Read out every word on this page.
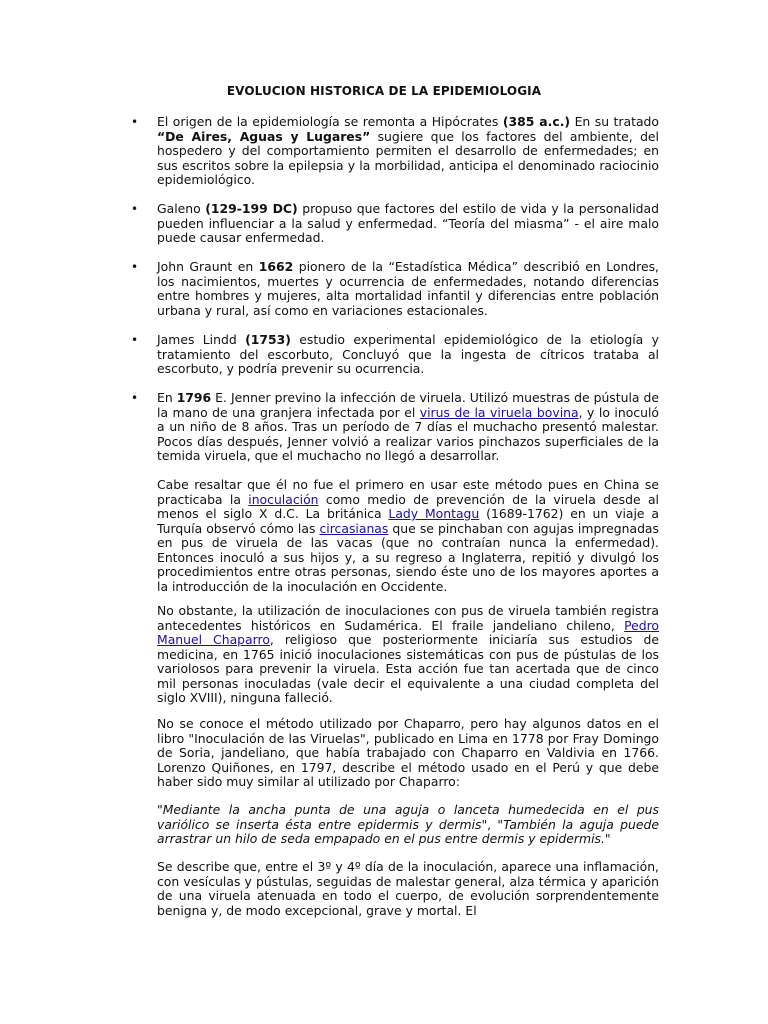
EVOLUCION HISTORICA DE LA EPIDEMIOLOGIA
• El origen de la epidemiología se remonta a Hipócrates (385 a.c.) En su tratado “De Aires, Aguas y Lugares” sugiere que los factores del ambiente, del hospedero y del comportamiento permiten el desarrollo de enfermedades; en sus escritos sobre la epilepsia y la morbilidad, anticipa el denominado raciocinio epidemiológico.

• Galeno (129-199 DC) propuso que factores del estilo de vida y la personalidad pueden influenciar a la salud y enfermedad. “Teoría del miasma” - el aire malo puede causar enfermedad.

• John Graunt en 1662 pionero de la “Estadística Médica” describió en Londres, los nacimientos, muertes y ocurrencia de enfermedades, notando diferencias entre hombres y mujeres, alta mortalidad infantil y diferencias entre población urbana y rural, así como en variaciones estacionales.

• James Lindd (1753) estudio experimental epidemiológico de la etiología y tratamiento del escorbuto, Concluyó que la ingesta de cítricos trataba al escorbuto, y podría prevenir su ocurrencia.

• En 1796 E. Jenner previno la infección de viruela. Utilizó muestras de pústula de la mano de una granjera infectada por el virus de la viruela bovina, y lo inoculó a un niño de 8 años. Tras un período de 7 días el muchacho presentó malestar. Pocos días después, Jenner volvió a realizar varios pinchazos superficiales de la temida viruela, que el muchacho no llegó a desarrollar.

Cabe resaltar que él no fue el primero en usar este método pues en China se practicaba la inoculación como medio de prevención de la viruela desde al menos el siglo X d.C. La británica Lady Montagu (1689-1762) en un viaje a Turquía observó cómo las circasianas que se pinchaban con agujas impregnadas en pus de viruela de las vacas (que no contraían nunca la enfermedad). Entonces inoculó a sus hijos y, a su regreso a Inglaterra, repitió y divulgó los procedimientos entre otras personas, siendo éste uno de los mayores aportes a la introducción de la inoculación en Occidente.

No obstante, la utilización de inoculaciones con pus de viruela también registra antecedentes históricos en Sudamérica. El fraile jandeliano chileno, Pedro Manuel Chaparro, religioso que posteriormente iniciaría sus estudios de medicina, en 1765 inició inoculaciones sistemáticas con pus de pústulas de los variolosos para prevenir la viruela. Esta acción fue tan acertada que de cinco mil personas inoculadas (vale decir el equivalente a una ciudad completa del siglo XVIII), ninguna falleció.

No se conoce el método utilizado por Chaparro, pero hay algunos datos en el libro "Inoculación de las Viruelas", publicado en Lima en 1778 por Fray Domingo de Soria, jandeliano, que había trabajado con Chaparro en Valdivia en 1766. Lorenzo Quiñones, en 1797, describe el método usado en el Perú y que debe haber sido muy similar al utilizado por Chaparro:

"Mediante la ancha punta de una aguja o lanceta humedecida en el pus variólico se inserta ésta entre epidermis y dermis", "También la aguja puede arrastrar un hilo de seda empapado en el pus entre dermis y epidermis."

Se describe que, entre el 3º y 4º día de la inoculación, aparece una inflamación, con vesículas y pústulas, seguidas de malestar general, alza térmica y aparición de una viruela atenuada en todo el cuerpo, de evolución sorprendentemente benigna y, de modo excepcional, grave y mortal. El
